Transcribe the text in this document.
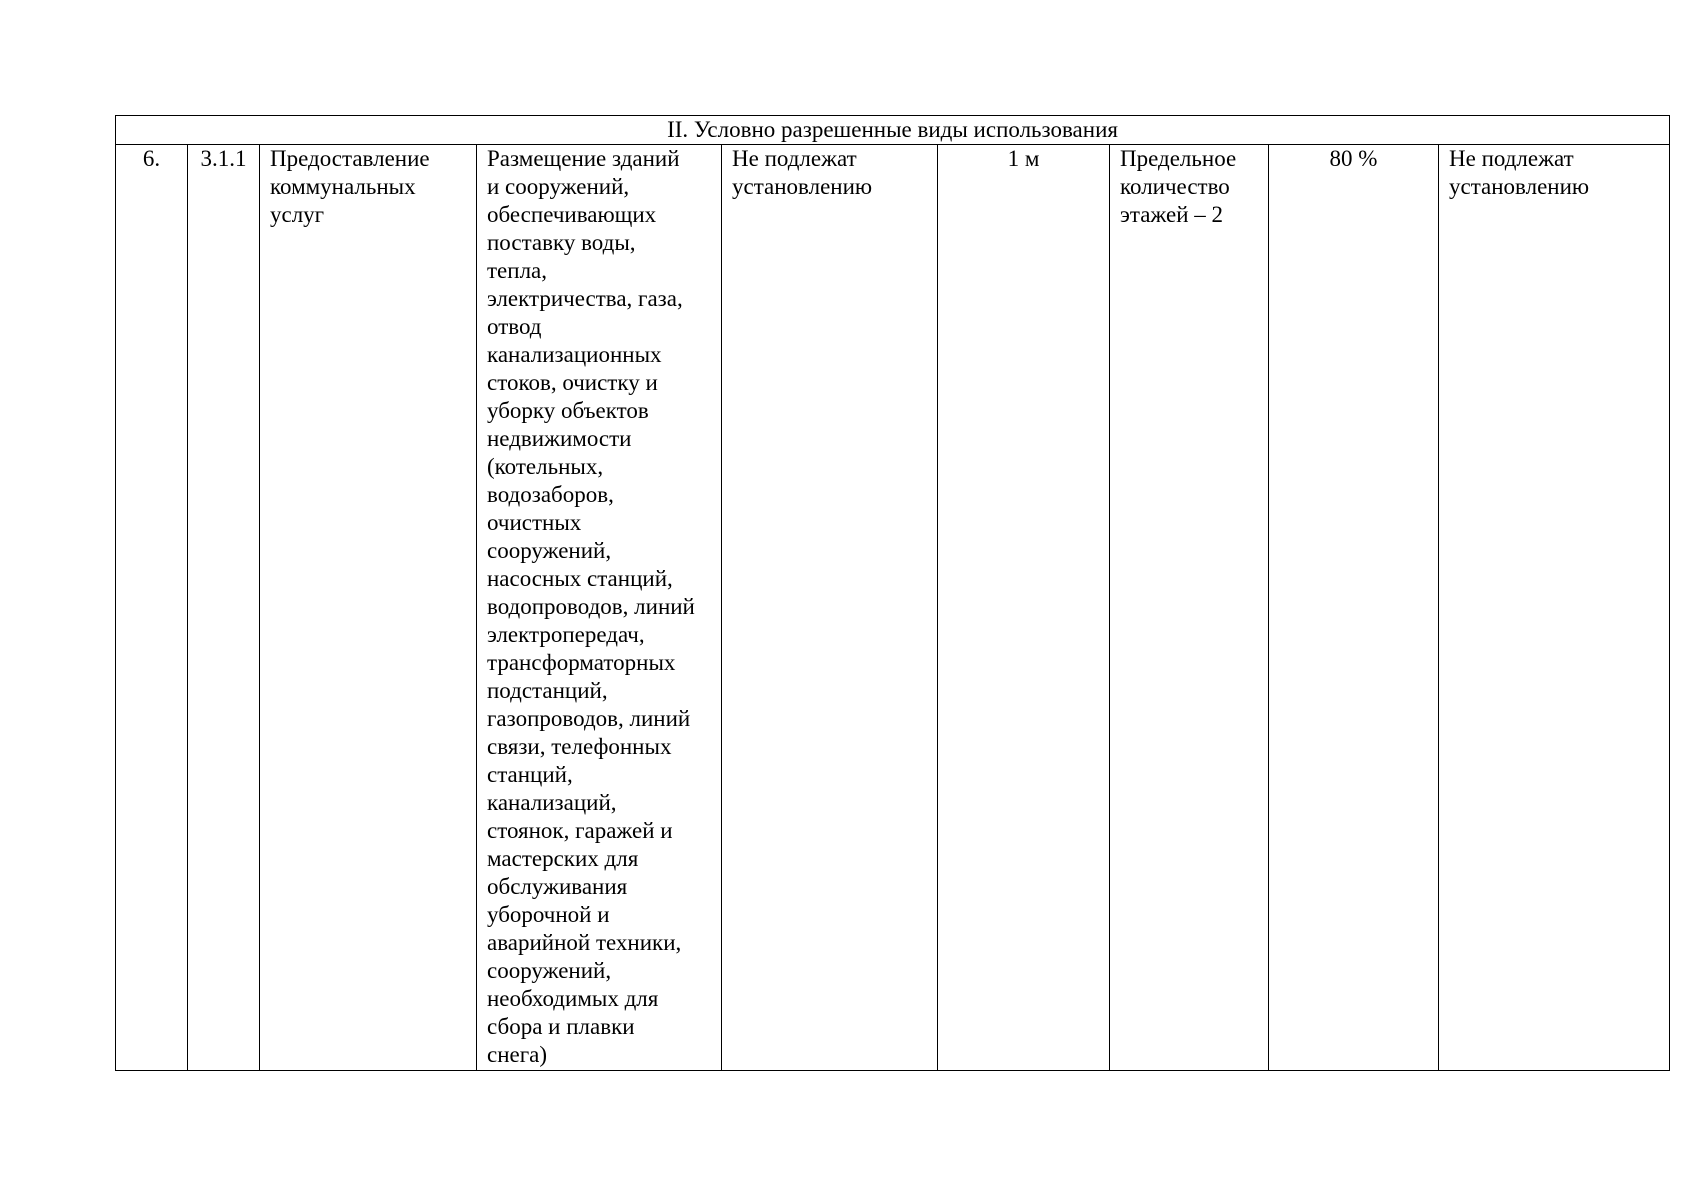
II. Условно разрешенные виды использования
6.	3.1.1	Предоставление
коммунальных
услуг	Размещение зданий
и сооружений,
обеспечивающих
поставку воды,
тепла,
электричества, газа,
отвод
канализационных
стоков, очистку и
уборку объектов
недвижимости
(котельных,
водозаборов,
очистных
сооружений,
насосных станций,
водопроводов, линий
электропередач,
трансформаторных
подстанций,
газопроводов, линий
связи, телефонных
станций,
канализаций,
стоянок, гаражей и
мастерских для
обслуживания
уборочной и
аварийной техники,
сооружений,
необходимых для
сбора и плавки
снега)	Не подлежат
установлению	1 м	Предельное
количество
этажей – 2	80 %	Не подлежат
установлению
